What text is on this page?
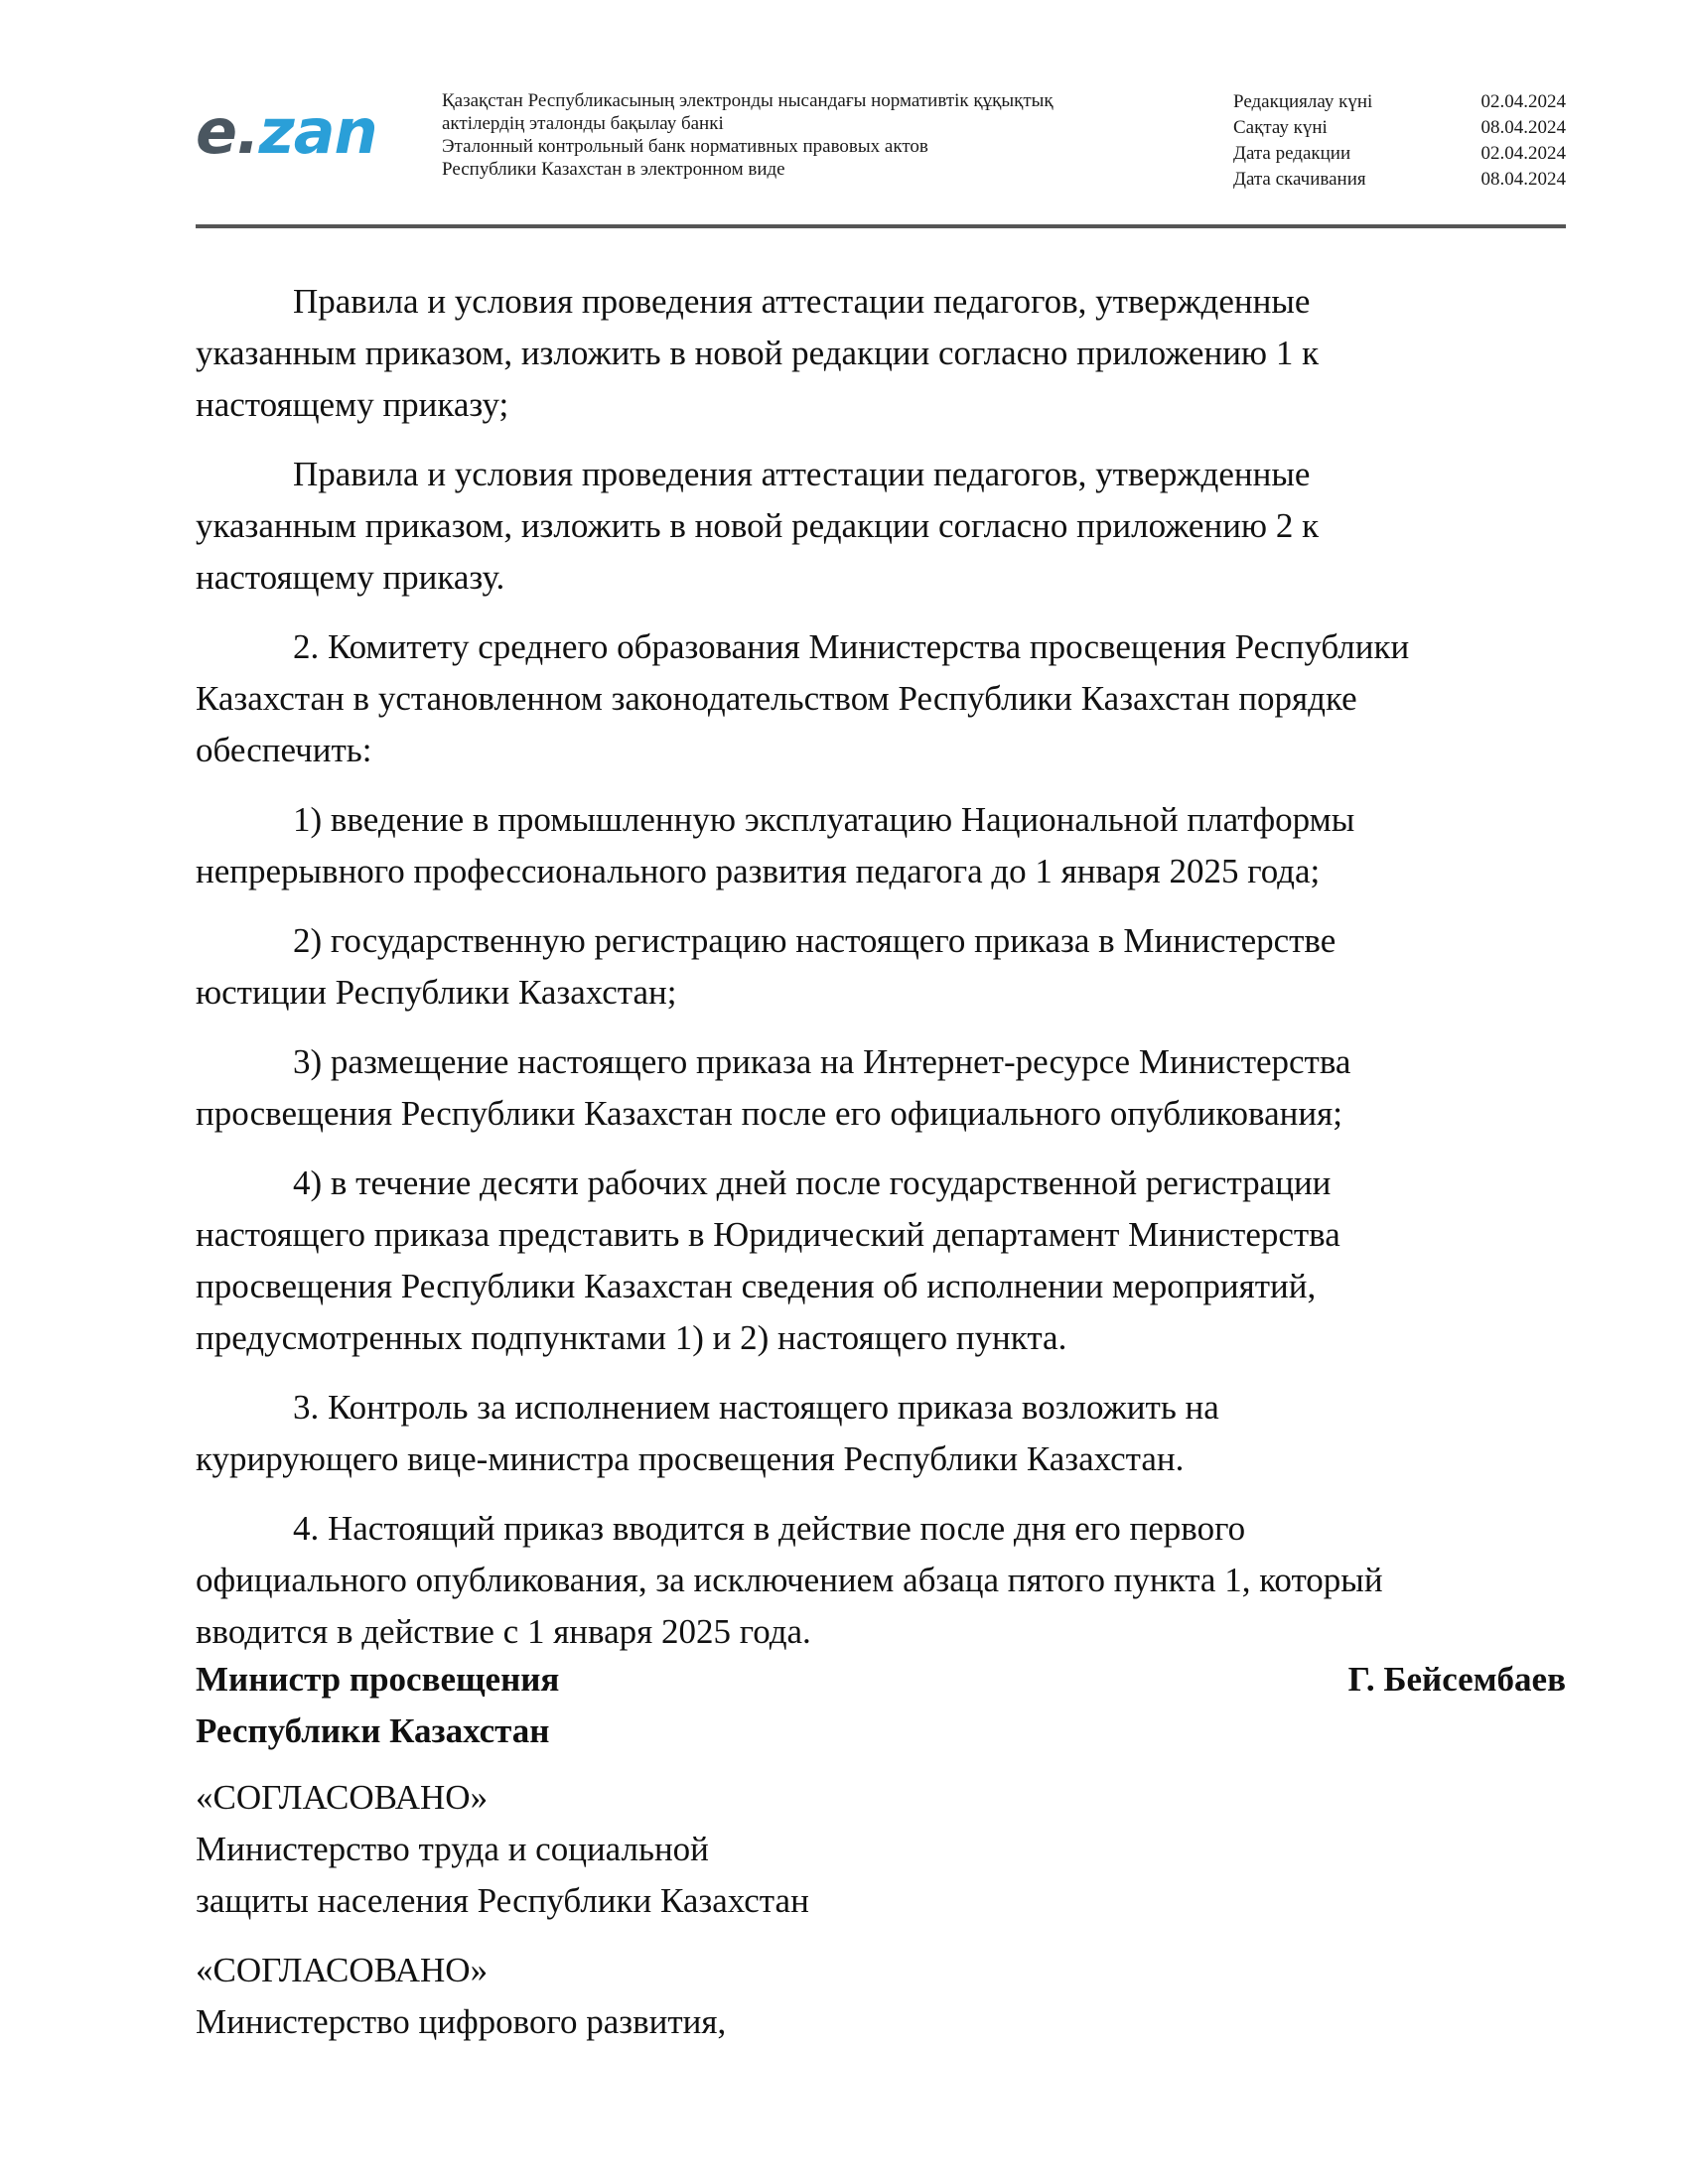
e.zan	Қазақстан Республикасының электронды нысандағы нормативтік құқықтық
актілердің эталонды бақылау банкі
Эталонный контрольный банк нормативных правовых актов
Республики Казахстан в электронном виде
Редакциялау күні	02.04.2024
Сақтау күні	08.04.2024
Дата редакции	02.04.2024
Дата скачивания	08.04.2024

Правила и условия проведения аттестации педагогов, утвержденные
указанным приказом, изложить в новой редакции согласно приложению 1 к
настоящему приказу;

Правила и условия проведения аттестации педагогов, утвержденные
указанным приказом, изложить в новой редакции согласно приложению 2 к
настоящему приказу.

2. Комитету среднего образования Министерства просвещения Республики
Казахстан в установленном законодательством Республики Казахстан порядке
обеспечить:

1) введение в промышленную эксплуатацию Национальной платформы
непрерывного профессионального развития педагога до 1 января 2025 года;

2) государственную регистрацию настоящего приказа в Министерстве
юстиции Республики Казахстан;

3) размещение настоящего приказа на Интернет-ресурсе Министерства
просвещения Республики Казахстан после его официального опубликования;

4) в течение десяти рабочих дней после государственной регистрации
настоящего приказа представить в Юридический департамент Министерства
просвещения Республики Казахстан сведения об исполнении мероприятий,
предусмотренных подпунктами 1) и 2) настоящего пункта.

3. Контроль за исполнением настоящего приказа возложить на
курирующего вице-министра просвещения Республики Казахстан.

4. Настоящий приказ вводится в действие после дня его первого
официального опубликования, за исключением абзаца пятого пункта 1, который
вводится в действие с 1 января 2025 года.

Министр просвещения
Республики Казахстан
Г. Бейсембаев
«СОГЛАСОВАНО»
Министерство труда и социальной
защиты населения Республики Казахстан
«СОГЛАСОВАНО»
Министерство цифрового развития,
